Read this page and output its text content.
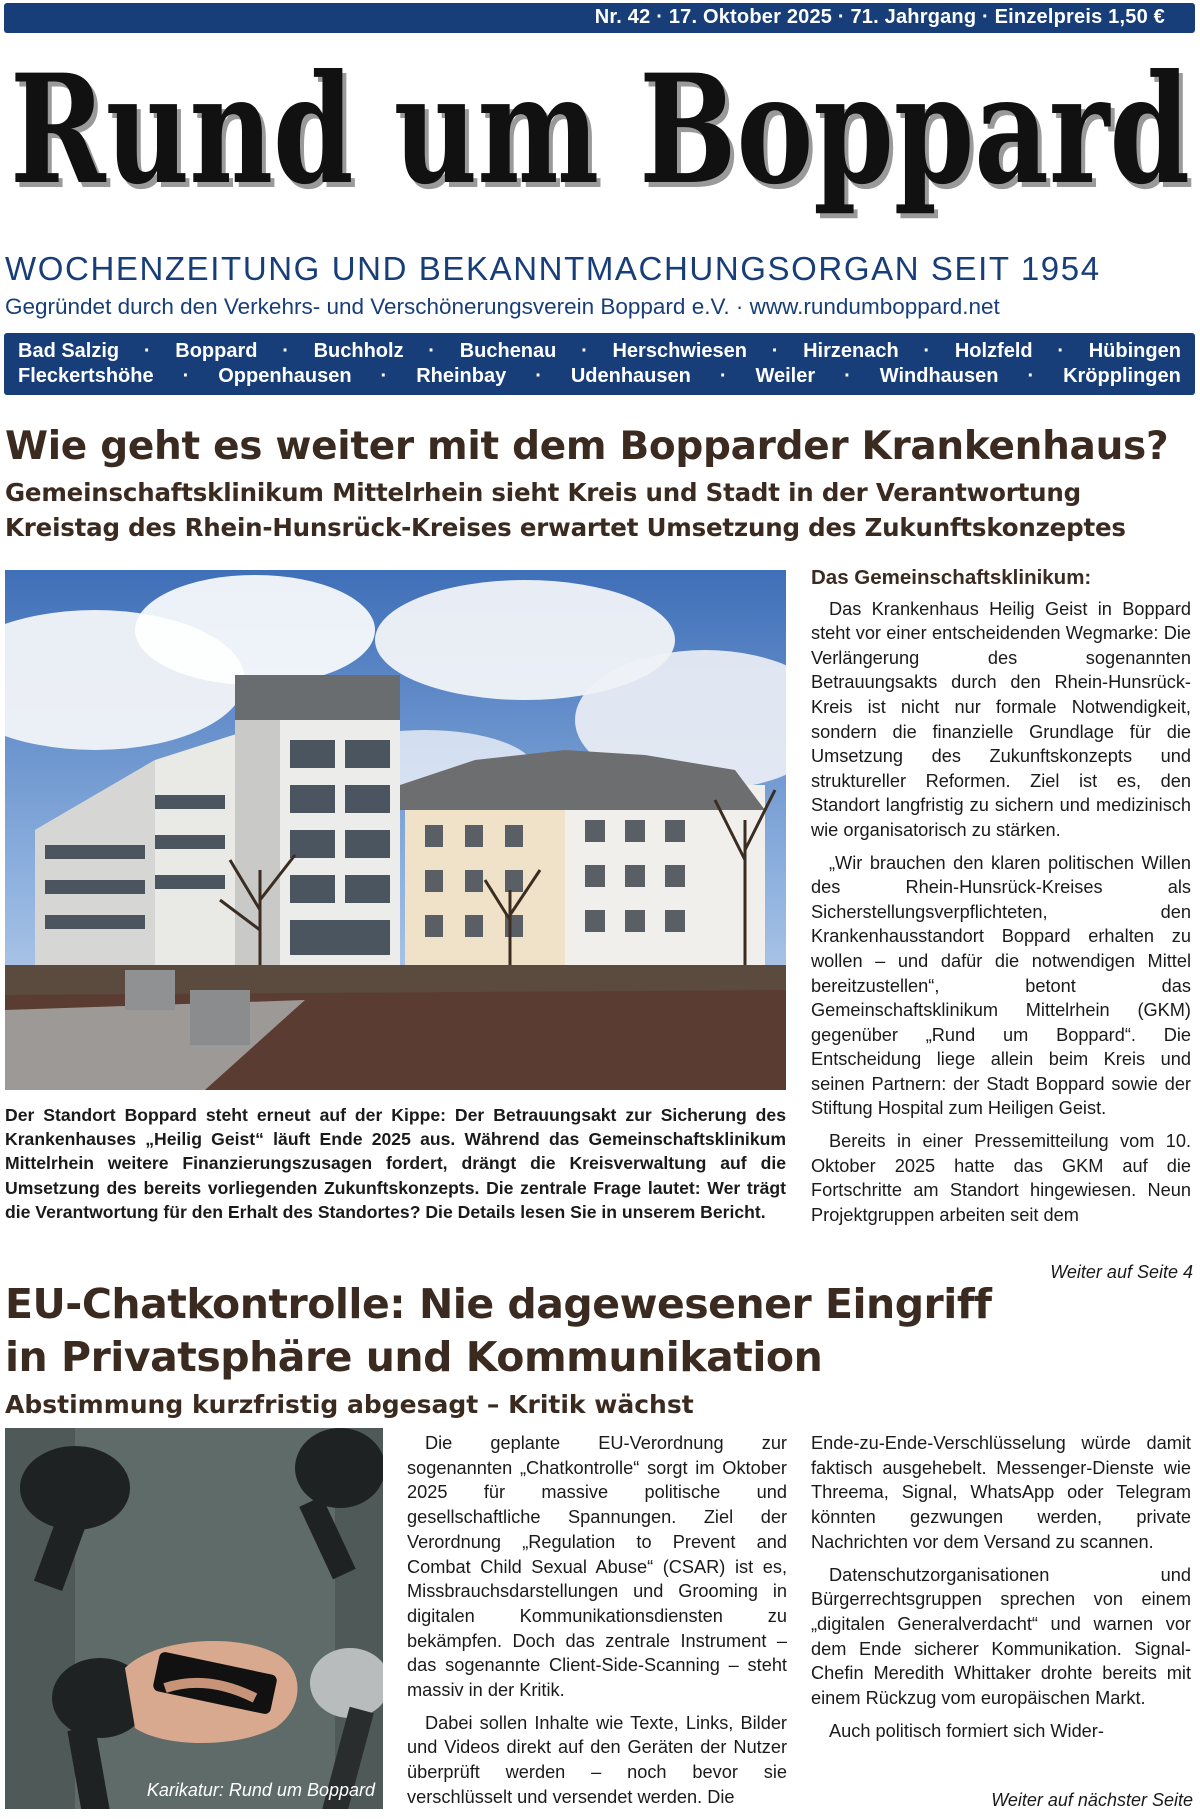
Nr. 42 · 17. Oktober 2025 · 71. Jahrgang · Einzelpreis 1,50 €
Rund um Boppard
Rund um Boppard
WOCHENZEITUNG UND BEKANNTMACHUNGSORGAN SEIT 1954
Gegründet durch den Verkehrs- und Verschönerungsverein Boppard e.V. · www.rundumboppard.net
Bad Salzig · Boppard · Buchholz · Buchenau · Herschwiesen · Hirzenach · Holzfeld · Hübingen
Fleckertshöhe · Oppenhausen · Rheinbay · Udenhausen · Weiler · Windhausen · Kröpplingen
Wie geht es weiter mit dem Bopparder Krankenhaus?
Gemeinschaftsklinikum Mittelrhein sieht Kreis und Stadt in der Verantwortung
Kreistag des Rhein-Hunsrück-Kreises erwartet Umsetzung des Zukunftskonzeptes
Der Standort Boppard steht erneut auf der Kippe: Der Betrauungsakt zur Sicherung des Krankenhauses „Heilig Geist“ läuft Ende 2025 aus. Während das Gemeinschaftsklinikum Mittelrhein weitere Finanzierungszusagen fordert, drängt die Kreisverwaltung auf die Umsetzung des bereits vorliegenden Zukunftskonzepts. Die zentrale Frage lautet: Wer trägt die Verantwortung für den Erhalt des Standortes? Die Details lesen Sie in unserem Bericht.
Das Gemeinschaftsklinikum:

Das Krankenhaus Heilig Geist in Boppard steht vor einer entscheidenden Wegmarke: Die Verlängerung des sogenannten Betrauungsakts durch den Rhein-Hunsrück-Kreis ist nicht nur formale Notwendigkeit, sondern die finanzielle Grundlage für die Umsetzung des Zukunftskonzepts und struktureller Reformen. Ziel ist es, den Standort langfristig zu sichern und medizinisch wie organisatorisch zu stärken.

„Wir brauchen den klaren politischen Willen des Rhein-Hunsrück-Kreises als Sicherstellungsverpflichteten, den Krankenhausstandort Boppard erhalten zu wollen – und dafür die notwendigen Mittel bereitzustellen“, betont das Gemeinschaftsklinikum Mittelrhein (GKM) gegenüber „Rund um Boppard“. Die Entscheidung liege allein beim Kreis und seinen Partnern: der Stadt Boppard sowie der Stiftung Hospital zum Heiligen Geist.

Bereits in einer Pressemitteilung vom 10. Oktober 2025 hatte das GKM auf die Fortschritte am Standort hingewiesen. Neun Projektgruppen arbeiten seit dem

Weiter auf Seite 4
EU-Chatkontrolle: Nie dagewesener Eingriff
in Privatsphäre und Kommunikation
Abstimmung kurzfristig abgesagt – Kritik wächst
Karikatur: Rund um Boppard

Die geplante EU-Verordnung zur sogenannten „Chatkontrolle“ sorgt im Oktober 2025 für massive politische und gesellschaftliche Spannungen. Ziel der Verordnung „Regulation to Prevent and Combat Child Sexual Abuse“ (CSAR) ist es, Missbrauchsdarstellungen und Grooming in digitalen Kommunikationsdiensten zu bekämpfen. Doch das zentrale Instrument – das sogenannte Client-Side-Scanning – steht massiv in der Kritik.

Dabei sollen Inhalte wie Texte, Links, Bilder und Videos direkt auf den Geräten der Nutzer überprüft werden – noch bevor sie verschlüsselt und versendet werden. Die

Ende-zu-Ende-Verschlüsselung würde damit faktisch ausgehebelt. Messenger-Dienste wie Threema, Signal, WhatsApp oder Telegram könnten gezwungen werden, private Nachrichten vor dem Versand zu scannen.

Datenschutzorganisationen und Bürgerrechtsgruppen sprechen von einem „digitalen Generalverdacht“ und warnen vor dem Ende sicherer Kommunikation. Signal-Chefin Meredith Whittaker drohte bereits mit einem Rückzug vom europäischen Markt.

Auch politisch formiert sich Wider-

Weiter auf nächster Seite
